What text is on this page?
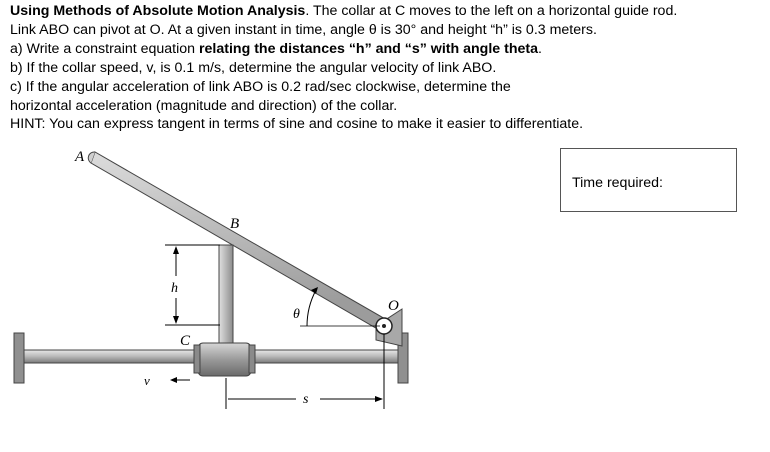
Using Methods of Absolute Motion Analysis. The collar at C moves to the left on a horizontal guide rod.

Link ABO can pivot at O. At a given instant in time, angle θ is 30° and height “h” is 0.3 meters.

a) Write a constraint equation relating the distances “h” and “s” with angle theta.

b) If the collar speed, v, is 0.1 m/s, determine the angular velocity of link ABO.

c) If the angular acceleration of link ABO is 0.2 rad/sec clockwise, determine the

horizontal acceleration (magnitude and direction) of the collar.

HINT: You can express tangent in terms of sine and cosine to make it easier to differentiate.

Time required:
A
B
C
O
h
θ
v
s
